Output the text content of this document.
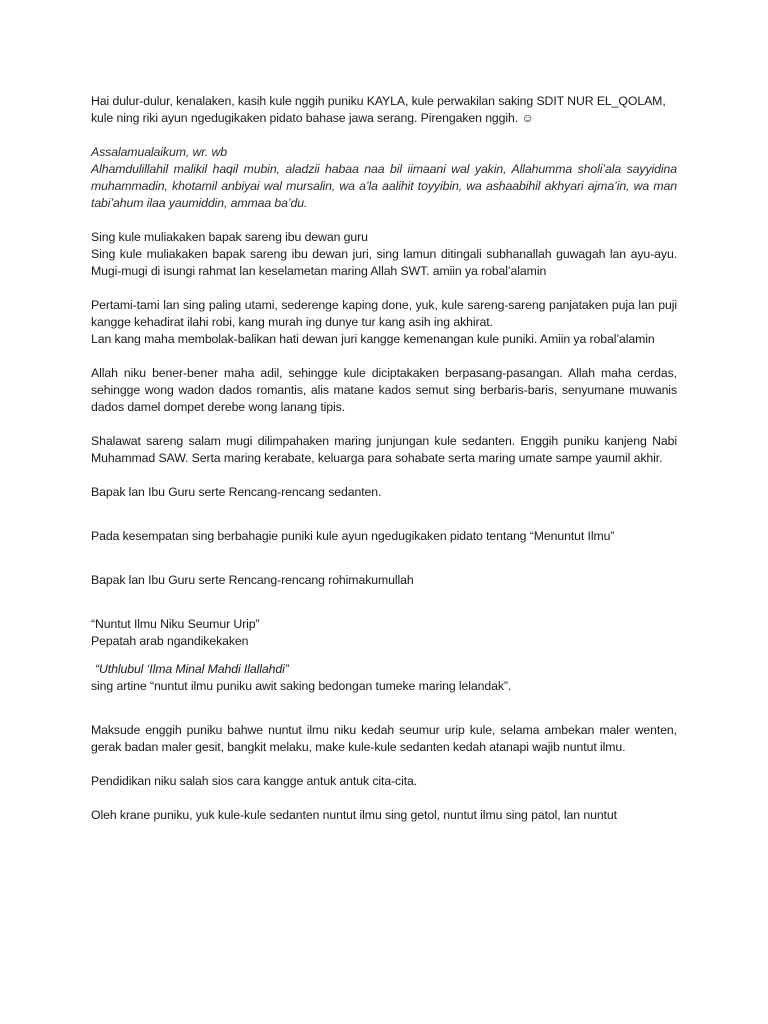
Hai dulur-dulur, kenalaken, kasih kule nggih puniku KAYLA, kule perwakilan saking SDIT NUR EL_QOLAM,

kule ning riki ayun ngedugikaken pidato bahase jawa serang. Pirengaken nggih. ☺

Assalamualaikum, wr. wb

Alhamdulillahil malikil haqil mubin, aladzii habaa naa bil iimaani wal yakin, Allahumma sholi’ala sayyidina muhammadin, khotamil anbiyai wal mursalin, wa a’la aalihit toyyibin, wa ashaabihil akhyari ajma’in, wa man tabi’ahum ilaa yaumiddin, ammaa ba’du.

Sing kule muliakaken bapak sareng ibu dewan guru

Sing kule muliakaken bapak sareng ibu dewan juri, sing lamun ditingali subhanallah guwagah lan ayu-ayu. Mugi-mugi di isungi rahmat lan keselametan maring Allah SWT. amiin ya robal’alamin

Pertami-tami lan sing paling utami, sederenge kaping done, yuk, kule sareng-sareng panjataken puja lan puji kangge kehadirat ilahi robi, kang murah ing dunye tur kang asih ing akhirat.

Lan kang maha membolak-balikan hati dewan juri kangge kemenangan kule puniki. Amiin ya robal’alamin

Allah niku bener-bener maha adil, sehingge kule diciptakaken berpasang-pasangan. Allah maha cerdas, sehingge wong wadon dados romantis, alis matane kados semut sing berbaris-baris, senyumane muwanis dados damel dompet derebe wong lanang tipis.

Shalawat sareng salam mugi dilimpahaken maring junjungan kule sedanten. Enggih puniku kanjeng Nabi Muhammad SAW. Serta maring kerabate, keluarga para sohabate serta maring umate sampe yaumil akhir.

Bapak lan Ibu Guru serte Rencang-rencang sedanten.

Pada kesempatan sing berbahagie puniki kule ayun ngedugikaken pidato tentang “Menuntut Ilmu”

Bapak lan Ibu Guru serte Rencang-rencang rohimakumullah

“Nuntut Ilmu Niku Seumur Urip”

Pepatah arab ngandikekaken

“Uthlubul ‘Ilma Minal Mahdi Ilallahdi”

sing artine “nuntut ilmu puniku awit saking bedongan tumeke maring lelandak”.

Maksude enggih puniku bahwe nuntut ilmu niku kedah seumur urip kule, selama ambekan maler wenten, gerak badan maler gesit, bangkit melaku, make kule-kule sedanten kedah atanapi wajib nuntut ilmu.

Pendidikan niku salah sios cara kangge antuk antuk cita-cita.

Oleh krane puniku, yuk kule-kule sedanten nuntut ilmu sing getol, nuntut ilmu sing patol, lan nuntut
